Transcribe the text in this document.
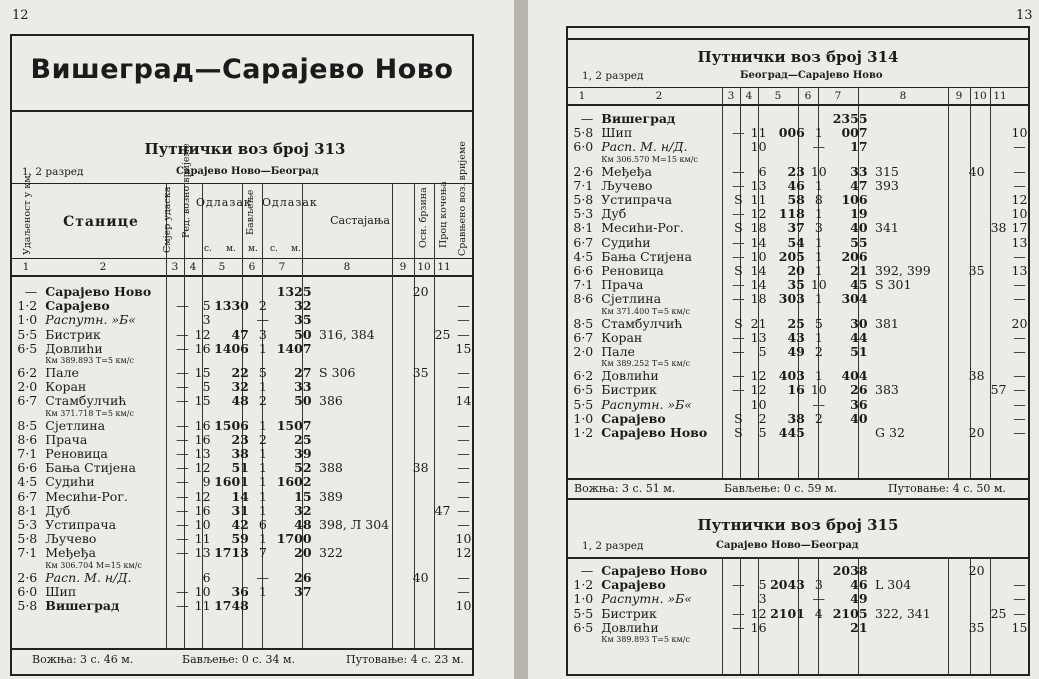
12
Вишеград—Сарајево Ново
Путнички воз број 313
1, 2 разред	Сарајево Ново—Београд
Удаљеност у км.	Станице	Смјер удаска Ред. возно вријеме Одлазак
Бављење Одлазак
Састајања	Осн. брзина Проц кочења Сравњено воз. вријеме
с. м. м. с. м.
1	2	3	4	5	6	7	8	9	10 11
—	Сарајево Ново						13	25		20		
1·2	Сарајево	—	5	13	30	2		32				—
1·0	Распутн. »Б«		3			—		35				—
5·5	Бистрик	—	12		47	3		50	316, 384		25	—
6·5	Довлиhи	—	16	14	06	1	14	07				15
	Км 389.893 Т=5 км/с											
6·2	Пале	—	15		22	5		27	S 306	35		—
2·0	Коран	—	5		32	1		33				—
6·7	Стамбулчић	—	15		48	2		50	386			14
	Км 371.718 Т=5 км/с											
8·5	Сјетлина	—	16	15	06	1	15	07				—
8·6	Прача	—	16		23	2		25				—
7·1	Реновица	—	13		38	1		39				—
6·6	Бања Стијена	—	12		51	1		52	388	38		—
4·5	Судиhи	—	9	16	01	1	16	02				—
6·7	Месиhи-Рог.	—	12		14	1		15	389			—
8·1	Дуб	—	16		31	1		32			47	—
5·3	Устипрача	—	10		42	6		48	398, Л 304			—
5·8	Ључево	—	11		59	1	17	00				10
7·1	Међеђа	—	13	17	13	7		20	322			12
	Км 306.704 М=15 км/с											
2·6	Расп. М. н/Д.		6			—		26		40		—
6·0	Шип	—	10		36	1		37				—
5·8	Вишеград	—	11	17	48							10
Вожња: 3 с. 46 м.	Бављење: 0 с. 34 м.	Путовање: 4 с. 23 м.
13
Путнички воз број 314
1, 2 разред	Београд—Сарајево Ново
1	2	3	4	5	6	7	8	9	10 11
—	Вишеград						23	55				
5·8	Шип	—	11	0	06	1	0	07				10
6·0	Расп. М. н/Д.		10			—		17				—
	Км 306.570 М=15 км/с											
2·6	Међеђа	—	6		23	10		33	315	40		—
7·1	Ључево	—	13		46	1		47	393			—
5·8	Устипрача	S	11		58	8	1	06				12
5·3	Дуб	—	12	1	18	1		19				10
8·1	Месиhи-Рог.	S	18		37	3		40	341		38	17
6·7	Судиhи	—	14		54	1		55				13
4·5	Бања Стијена	—	10	2	05	1	2	06				—
6·6	Реновица	S	14		20	1		21	392, 399	35		13
7·1	Прача	—	14		35	10		45	S 301			—
8·6	Сјетлина	—	18	3	03	1	3	04				—
	Км 371.400 Т=5 км/с											
8·5	Стамбулчић	S	21		25	5		30	381			20
6·7	Коран	—	13		43	1		44				—
2·0	Пале	—	5		49	2		51				—
	Км 389.252 Т=5 км/с											
6·2	Довлиhи	—	12	4	03	1	4	04		38		—
6·5	Бистрик	—	12		16	10		26	383		57	—
5·5	Распутн. »Б«		10			—		36				—
1·0	Сарајево	S	2		38	2		40				—
1·2	Сарајево Ново	S	5	4	45				G 32	20		—
Вожња: 3 с. 51 м.	Бављење: 0 с. 59 м.	Путовање: 4 с. 50 м.
Путнички воз број 315
1, 2 разред	Сарајево Ново—Београд
—	Сарајево Ново						20	38		20		
1·2	Сарајево	—	5	20	43	3		46	L 304			—
1·0	Распутн. »Б«		3			—		49				—
5·5	Бистрик	—	12	21	01	4	21	05	322, 341		25	—
6·5	Довлиhи	—	16					21		35		15
	Км 389.893 Т=5 км/с											
